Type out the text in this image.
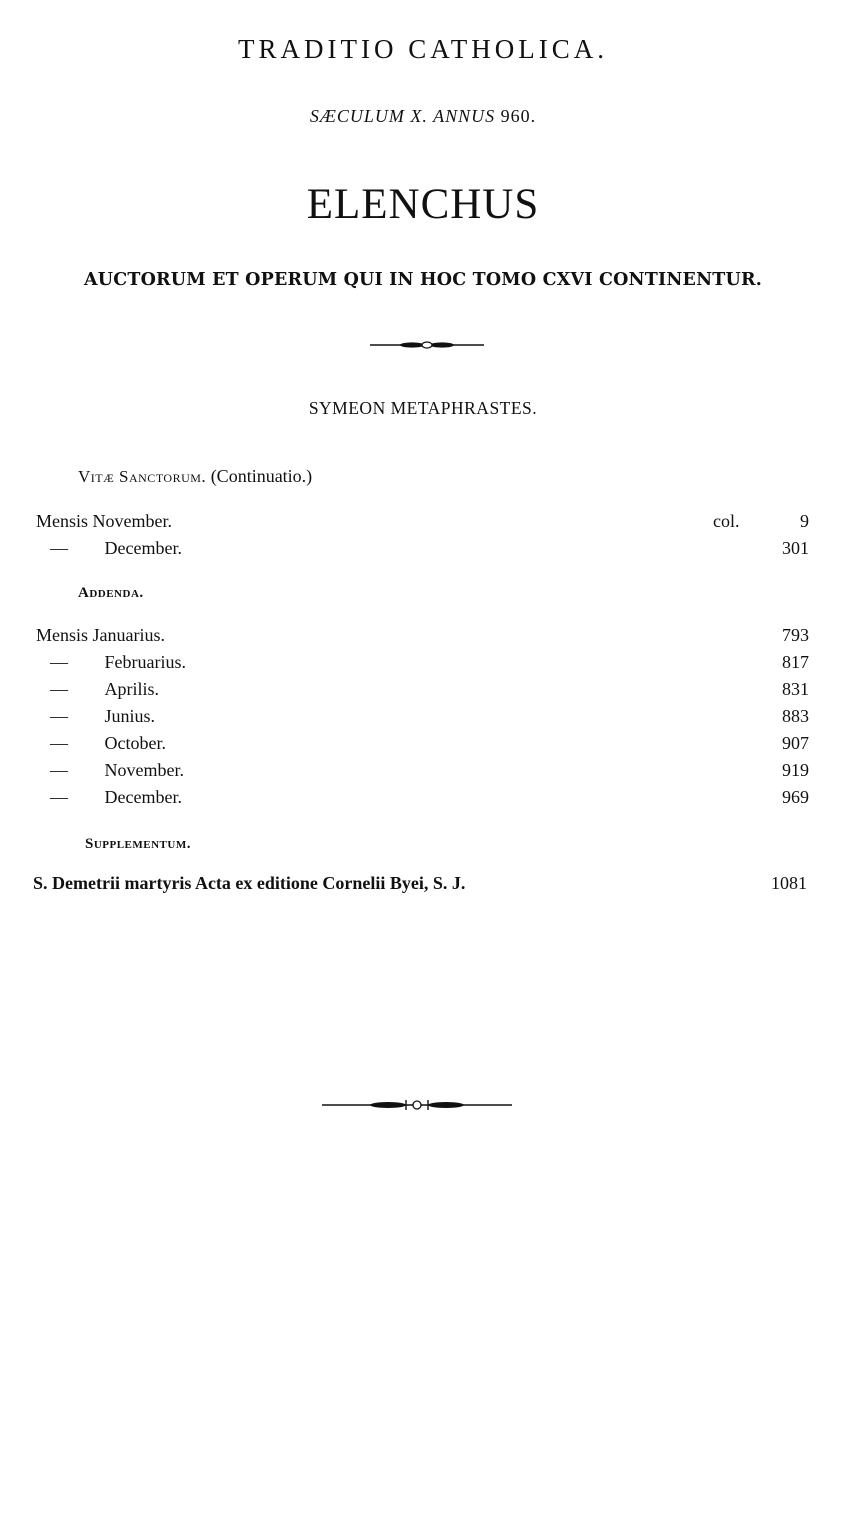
TRADITIO CATHOLICA.
SÆCULUM X. ANNUS 960.
ELENCHUS
AUCTORUM ET OPERUM QUI IN HOC TOMO CXVI CONTINENTUR.
SYMEON METAPHRASTES.
Vitæ Sanctorum. (Continuatio.)
Mensis November.	col.	9
— December.	301
Addenda.
Mensis Januarius.	793
— Februarius.	817
— Aprilis.	831
— Junius.	883
— October.	907
— November.	919
— December.	969
Supplementum.
S. Demetrii martyris Acta ex editione Cornelii Byei, S. J.	1081
